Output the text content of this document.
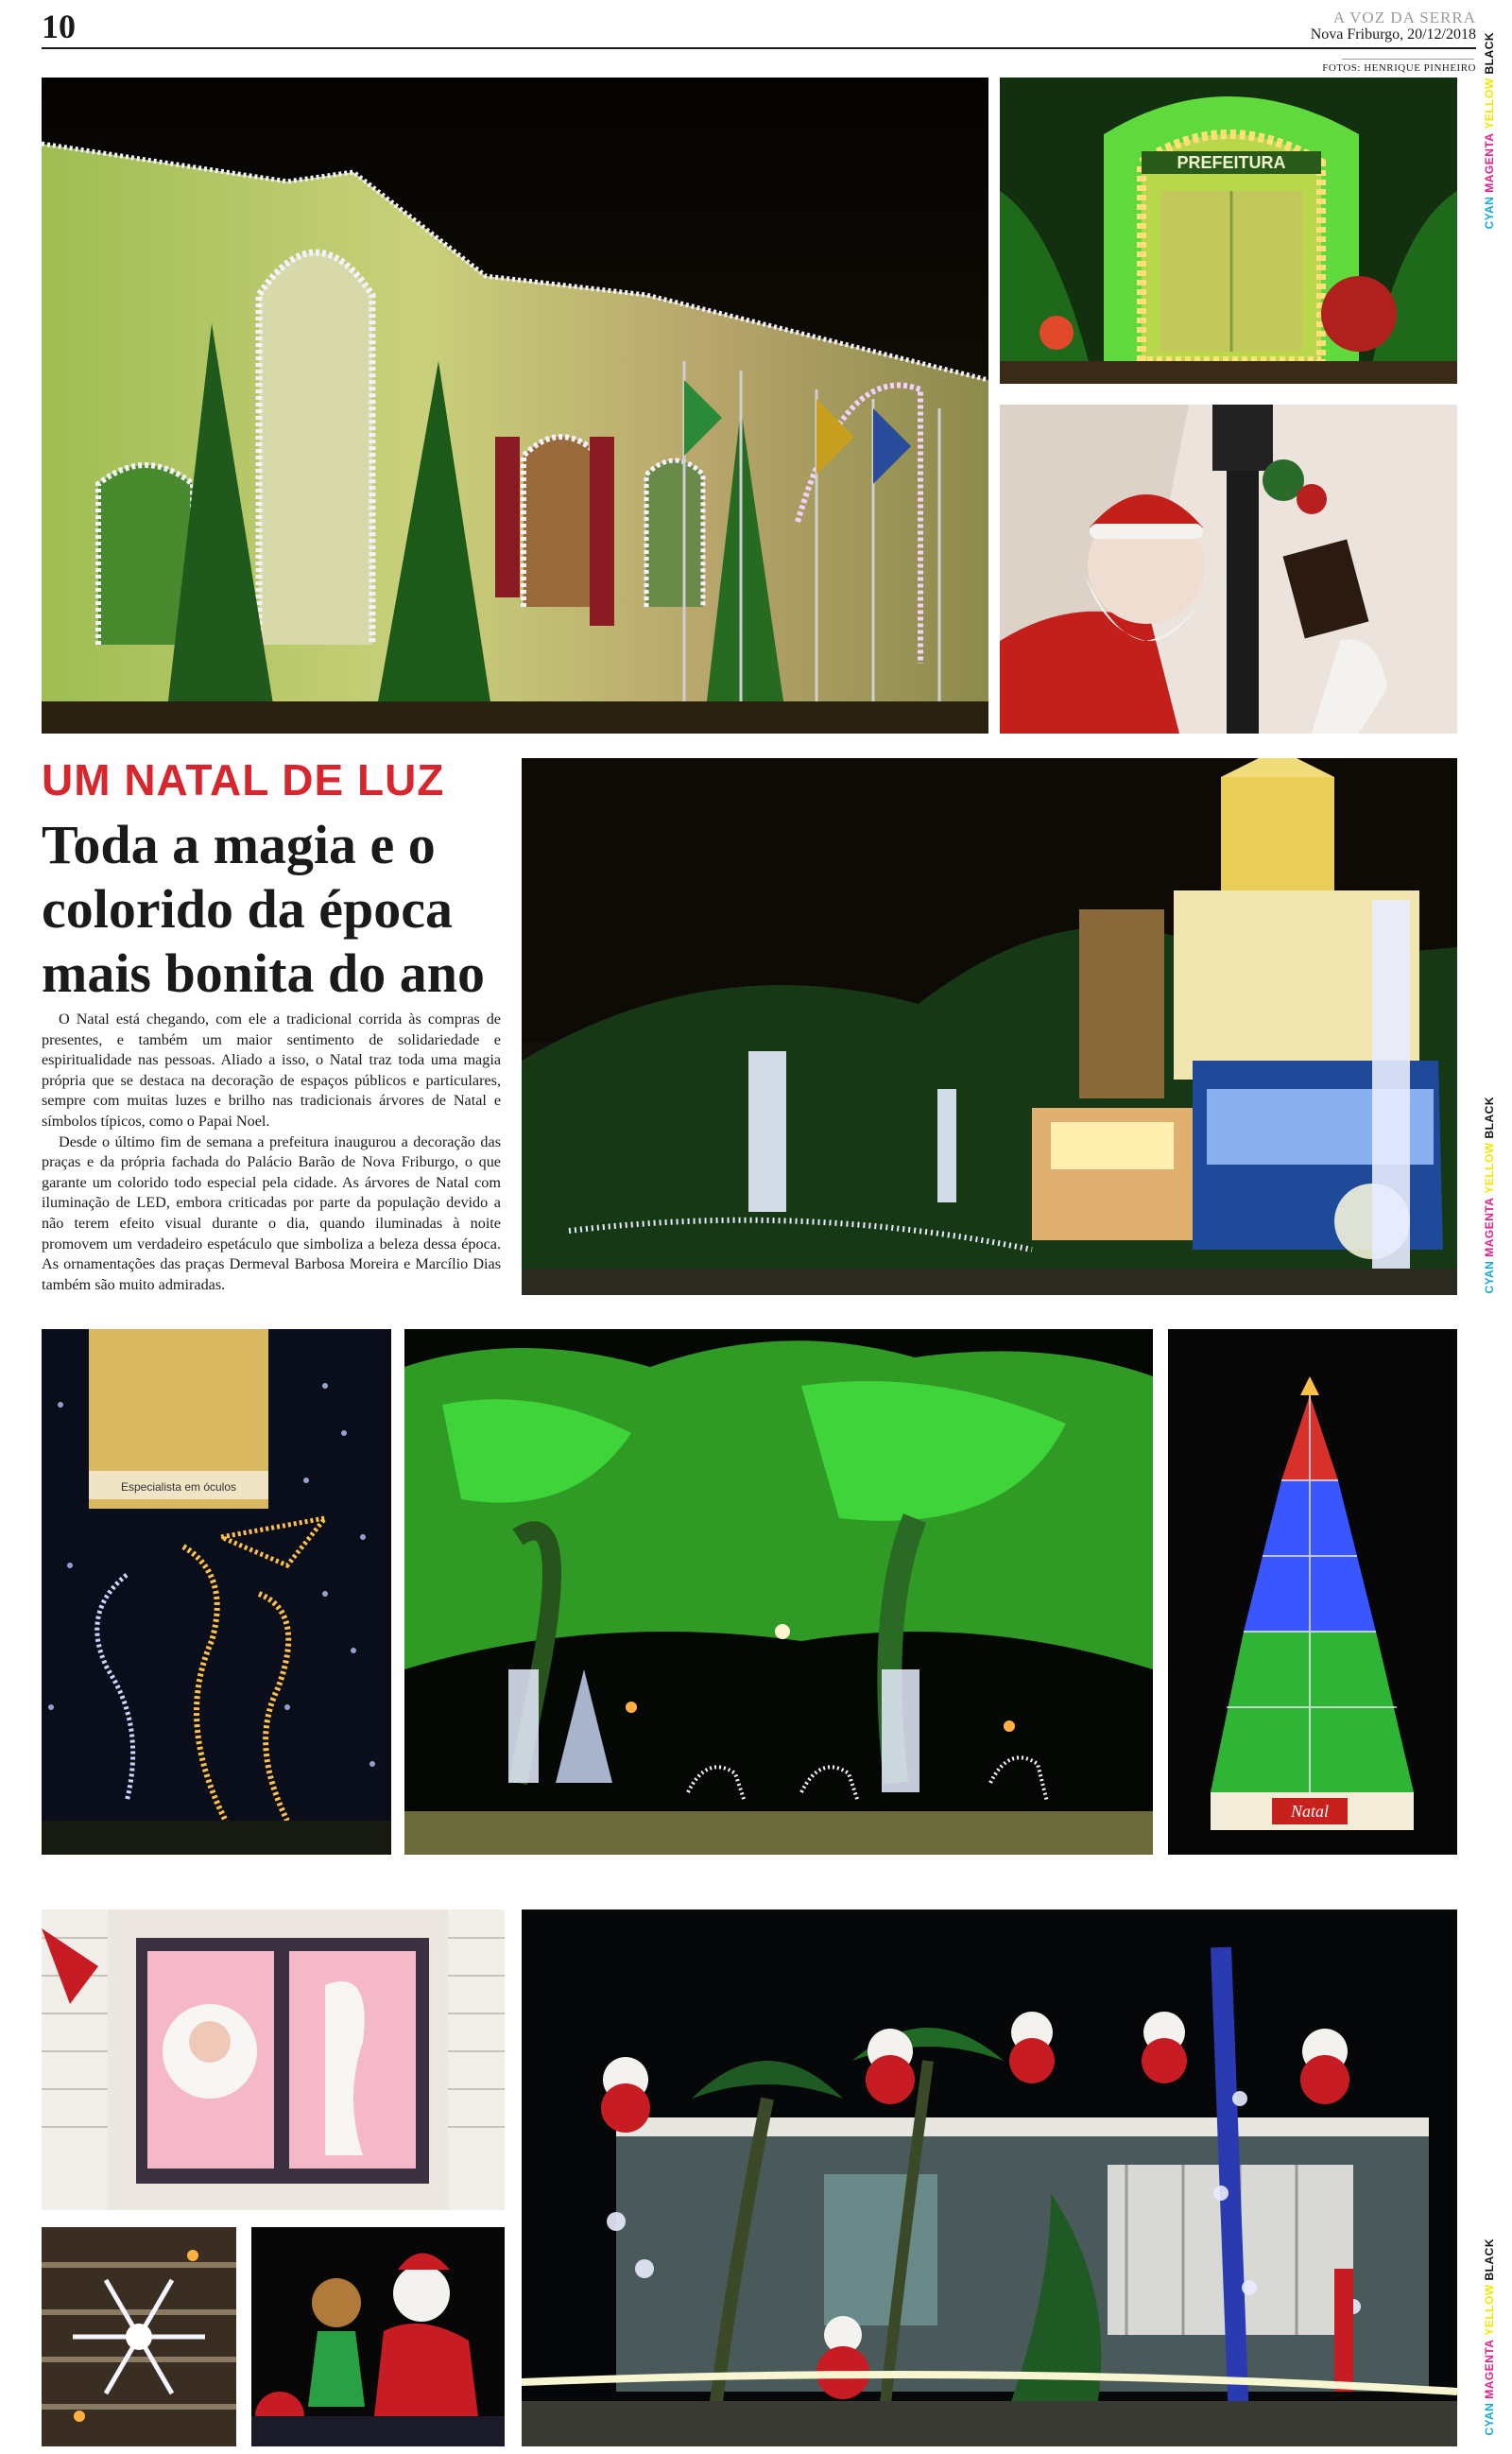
10	A VOZ DA SERRA
Nova Friburgo, 20/12/2018
FOTOS: HENRIQUE PINHEIRO
CYAN MAGENTA YELLOW BLACK
CYAN MAGENTA YELLOW BLACK
CYAN MAGENTA YELLOW BLACK
PREFEITURA
Especialista em óculos
Natal
UM NATAL DE LUZ
Toda a magia e o colorido da época mais bonita do ano

O Natal está chegando, com ele a tradicional corrida às compras de presentes, e também um maior sentimento de solidariedade e espiritualidade nas pessoas. Aliado a isso, o Natal traz toda uma magia própria que se destaca na decoração de espaços públicos e particulares, sempre com muitas luzes e brilho nas tradicionais árvores de Natal e símbolos típicos, como o Papai Noel.

Desde o último fim de semana a prefeitura inaugurou a decoração das praças e da própria fachada do Palácio Barão de Nova Friburgo, o que garante um colorido todo especial pela cidade. As árvores de Natal com iluminação de LED, embora criticadas por parte da população devido a não terem efeito visual durante o dia, quando iluminadas à noite promovem um verdadeiro espetáculo que simboliza a beleza dessa época. As ornamentações das praças Dermeval Barbosa Moreira e Marcílio Dias também são muito admiradas.
